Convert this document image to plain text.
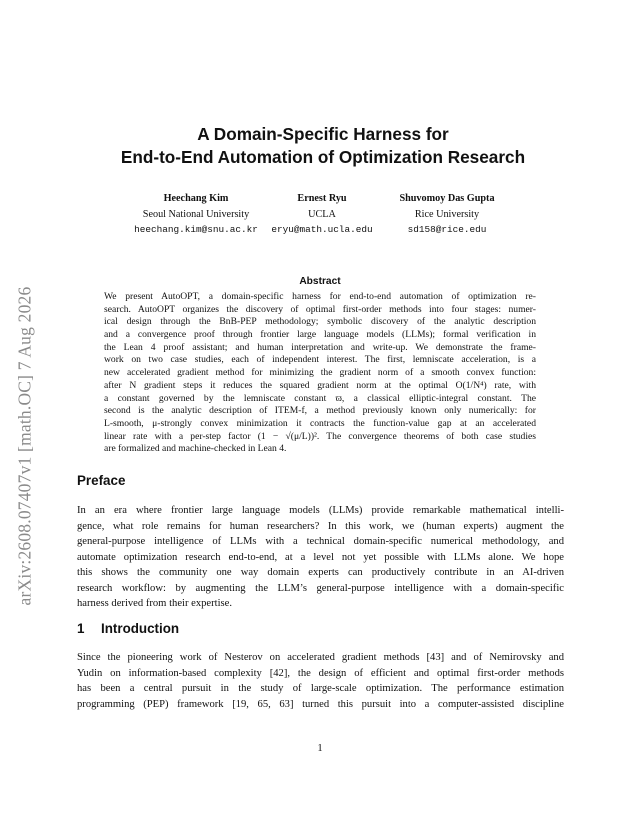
arXiv:2608.07407v1 [math.OC] 7 Aug 2026
A Domain-Specific Harness for
End-to-End Automation of Optimization Research
Heechang Kim
Seoul National University
heechang.kim@snu.ac.kr
Ernest Ryu
UCLA
eryu@math.ucla.edu
Shuvomoy Das Gupta
Rice University
sd158@rice.edu
Abstract
We present AutoOPT, a domain-specific harness for end-to-end automation of optimization re-
search. AutoOPT organizes the discovery of optimal first-order methods into four stages: numer-
ical design through the BnB-PEP methodology; symbolic discovery of the analytic description
and a convergence proof through frontier large language models (LLMs); formal verification in
the Lean 4 proof assistant; and human interpretation and write-up. We demonstrate the frame-
work on two case studies, each of independent interest. The first, lemniscate acceleration, is a
new accelerated gradient method for minimizing the gradient norm of a smooth convex function:
after N gradient steps it reduces the squared gradient norm at the optimal O(1/N⁴) rate, with
a constant governed by the lemniscate constant ϖ, a classical elliptic-integral constant. The
second is the analytic description of ITEM-f, a method previously known only numerically: for
L-smooth, μ-strongly convex minimization it contracts the function-value gap at an accelerated
linear rate with a per-step factor (1 − √(μ/L))². The convergence theorems of both case studies
are formalized and machine-checked in Lean 4.
Preface
In an era where frontier large language models (LLMs) provide remarkable mathematical intelli-
gence, what role remains for human researchers? In this work, we (human experts) augment the
general-purpose intelligence of LLMs with a technical domain-specific numerical methodology, and
automate optimization research end-to-end, at a level not yet possible with LLMs alone. We hope
this shows the community one way domain experts can productively contribute in an AI-driven
research workflow: by augmenting the LLM’s general-purpose intelligence with a domain-specific
harness derived from their expertise.
1 Introduction
Since the pioneering work of Nesterov on accelerated gradient methods [43] and of Nemirovsky and
Yudin on information-based complexity [42], the design of efficient and optimal first-order methods
has been a central pursuit in the study of large-scale optimization. The performance estimation
programming (PEP) framework [19, 65, 63] turned this pursuit into a computer-assisted discipline
1
